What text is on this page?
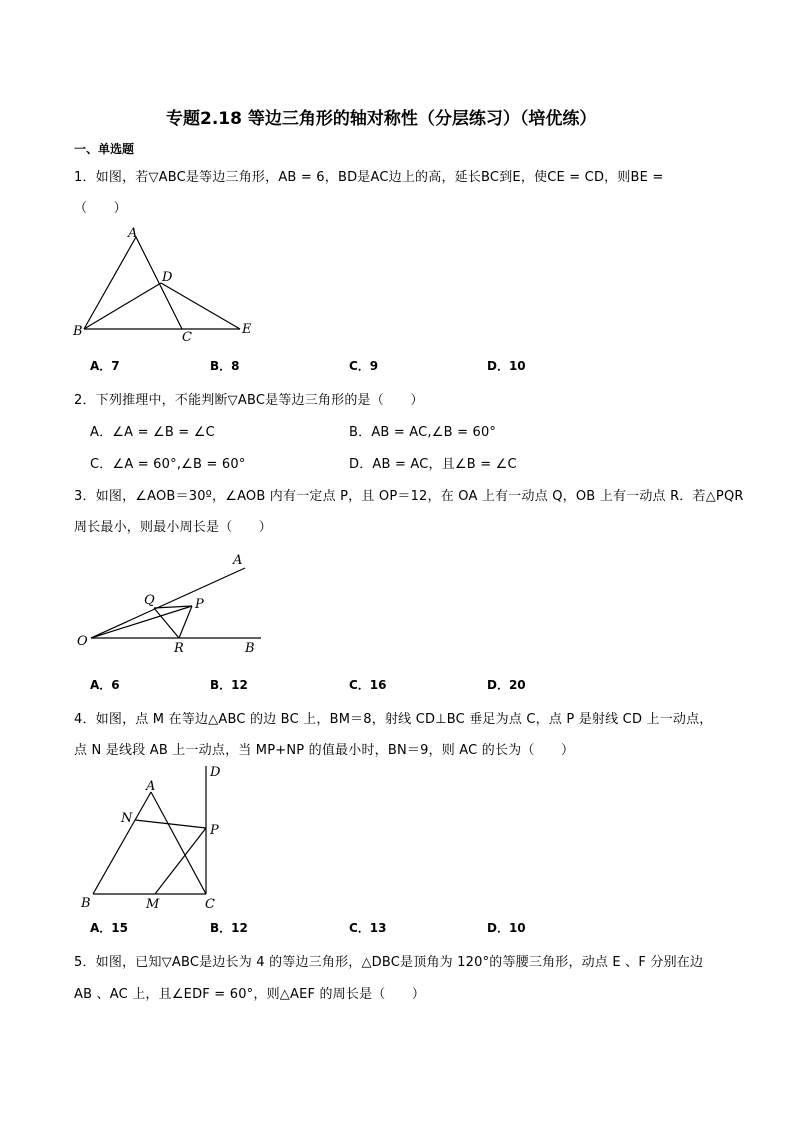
专题2.18 等边三角形的轴对称性（分层练习）（培优练）
一、单选题
1．如图，若▽ABC是等边三角形，AB = 6，BD是AC边上的高，延长BC到E，使CE = CD，则BE =
（　　）
A
B	C
D
E
A．7	B．8	C．9	D．10
2．下列推理中，不能判断▽ABC是等边三角形的是（　　）
A．∠A = ∠B = ∠C	B．AB = AC,∠B = 60°
C．∠A = 60°,∠B = 60°	D．AB = AC，且∠B = ∠C
3．如图，∠AOB＝30º，∠AOB 内有一定点 P，且 OP＝12，在 OA 上有一动点 Q，OB 上有一动点 R．若△PQR
周长最小，则最小周长是（　　）
A
Q	P
O	R	B
A．6	B．12	C．16	D．20
4．如图，点 M 在等边△ABC 的边 BC 上，BM＝8，射线 CD⊥BC 垂足为点 C，点 P 是射线 CD 上一动点，
点 N 是线段 AB 上一动点，当 MP+NP 的值最小时，BN＝9，则 AC 的长为（　　）
D
A
N
P
B	M	C
A．15	B．12	C．13	D．10
5．如图，已知▽ABC是边长为 4 的等边三角形，△DBC是顶角为 120°的等腰三角形，动点 E 、F 分别在边
AB 、AC 上，且∠EDF = 60°，则△AEF 的周长是（　　）
